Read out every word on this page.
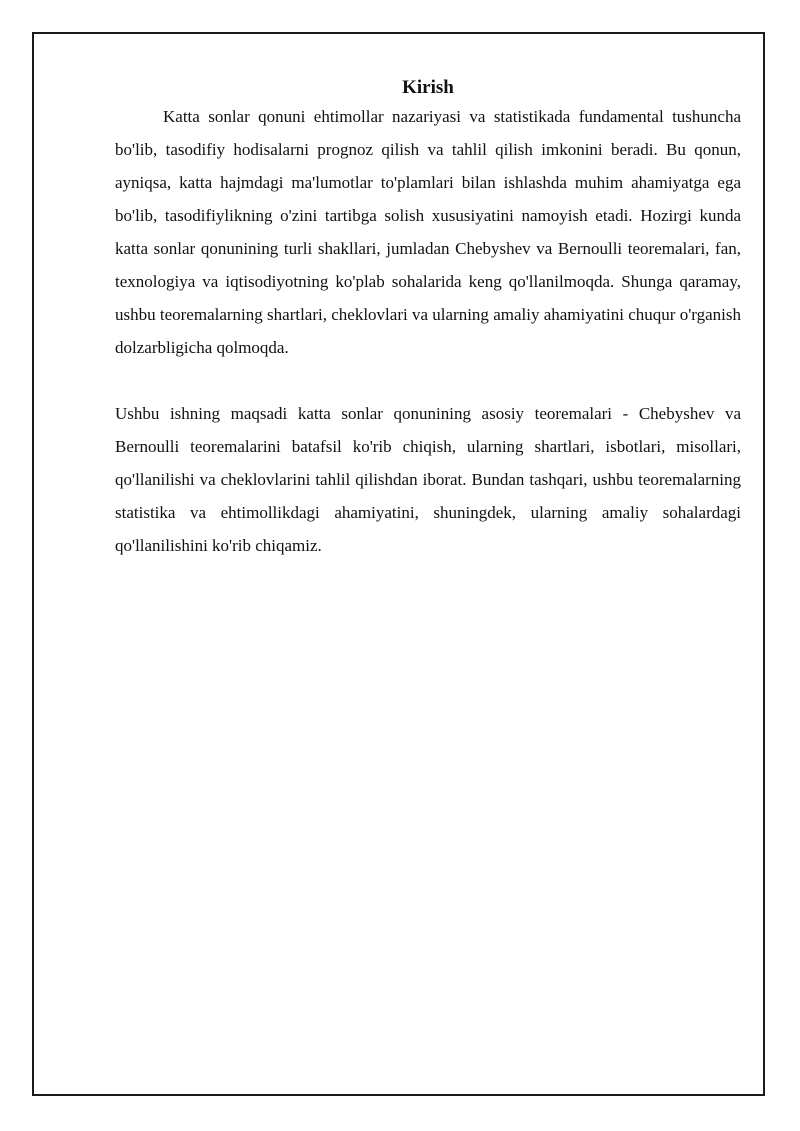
Kirish

Katta sonlar qonuni ehtimollar nazariyasi va statistikada fundamental tushuncha bo'lib, tasodifiy hodisalarni prognoz qilish va tahlil qilish imkonini beradi. Bu qonun, ayniqsa, katta hajmdagi ma'lumotlar to'plamlari bilan ishlashda muhim ahamiyatga ega bo'lib, tasodifiylikning o'zini tartibga solish xususiyatini namoyish etadi. Hozirgi kunda katta sonlar qonunining turli shakllari, jumladan Chebyshev va Bernoulli teoremalari, fan, texnologiya va iqtisodiyotning ko'plab sohalarida keng qo'llanilmoqda. Shunga qaramay, ushbu teoremalarning shartlari, cheklovlari va ularning amaliy ahamiyatini chuqur o'rganish dolzarbligicha qolmoqda.

Ushbu ishning maqsadi katta sonlar qonunining asosiy teoremalari - Chebyshev va Bernoulli teoremalarini batafsil ko'rib chiqish, ularning shartlari, isbotlari, misollari, qo'llanilishi va cheklovlarini tahlil qilishdan iborat. Bundan tashqari, ushbu teoremalarning statistika va ehtimollikdagi ahamiyatini, shuningdek, ularning amaliy sohalardagi qo'llanilishini ko'rib chiqamiz.
